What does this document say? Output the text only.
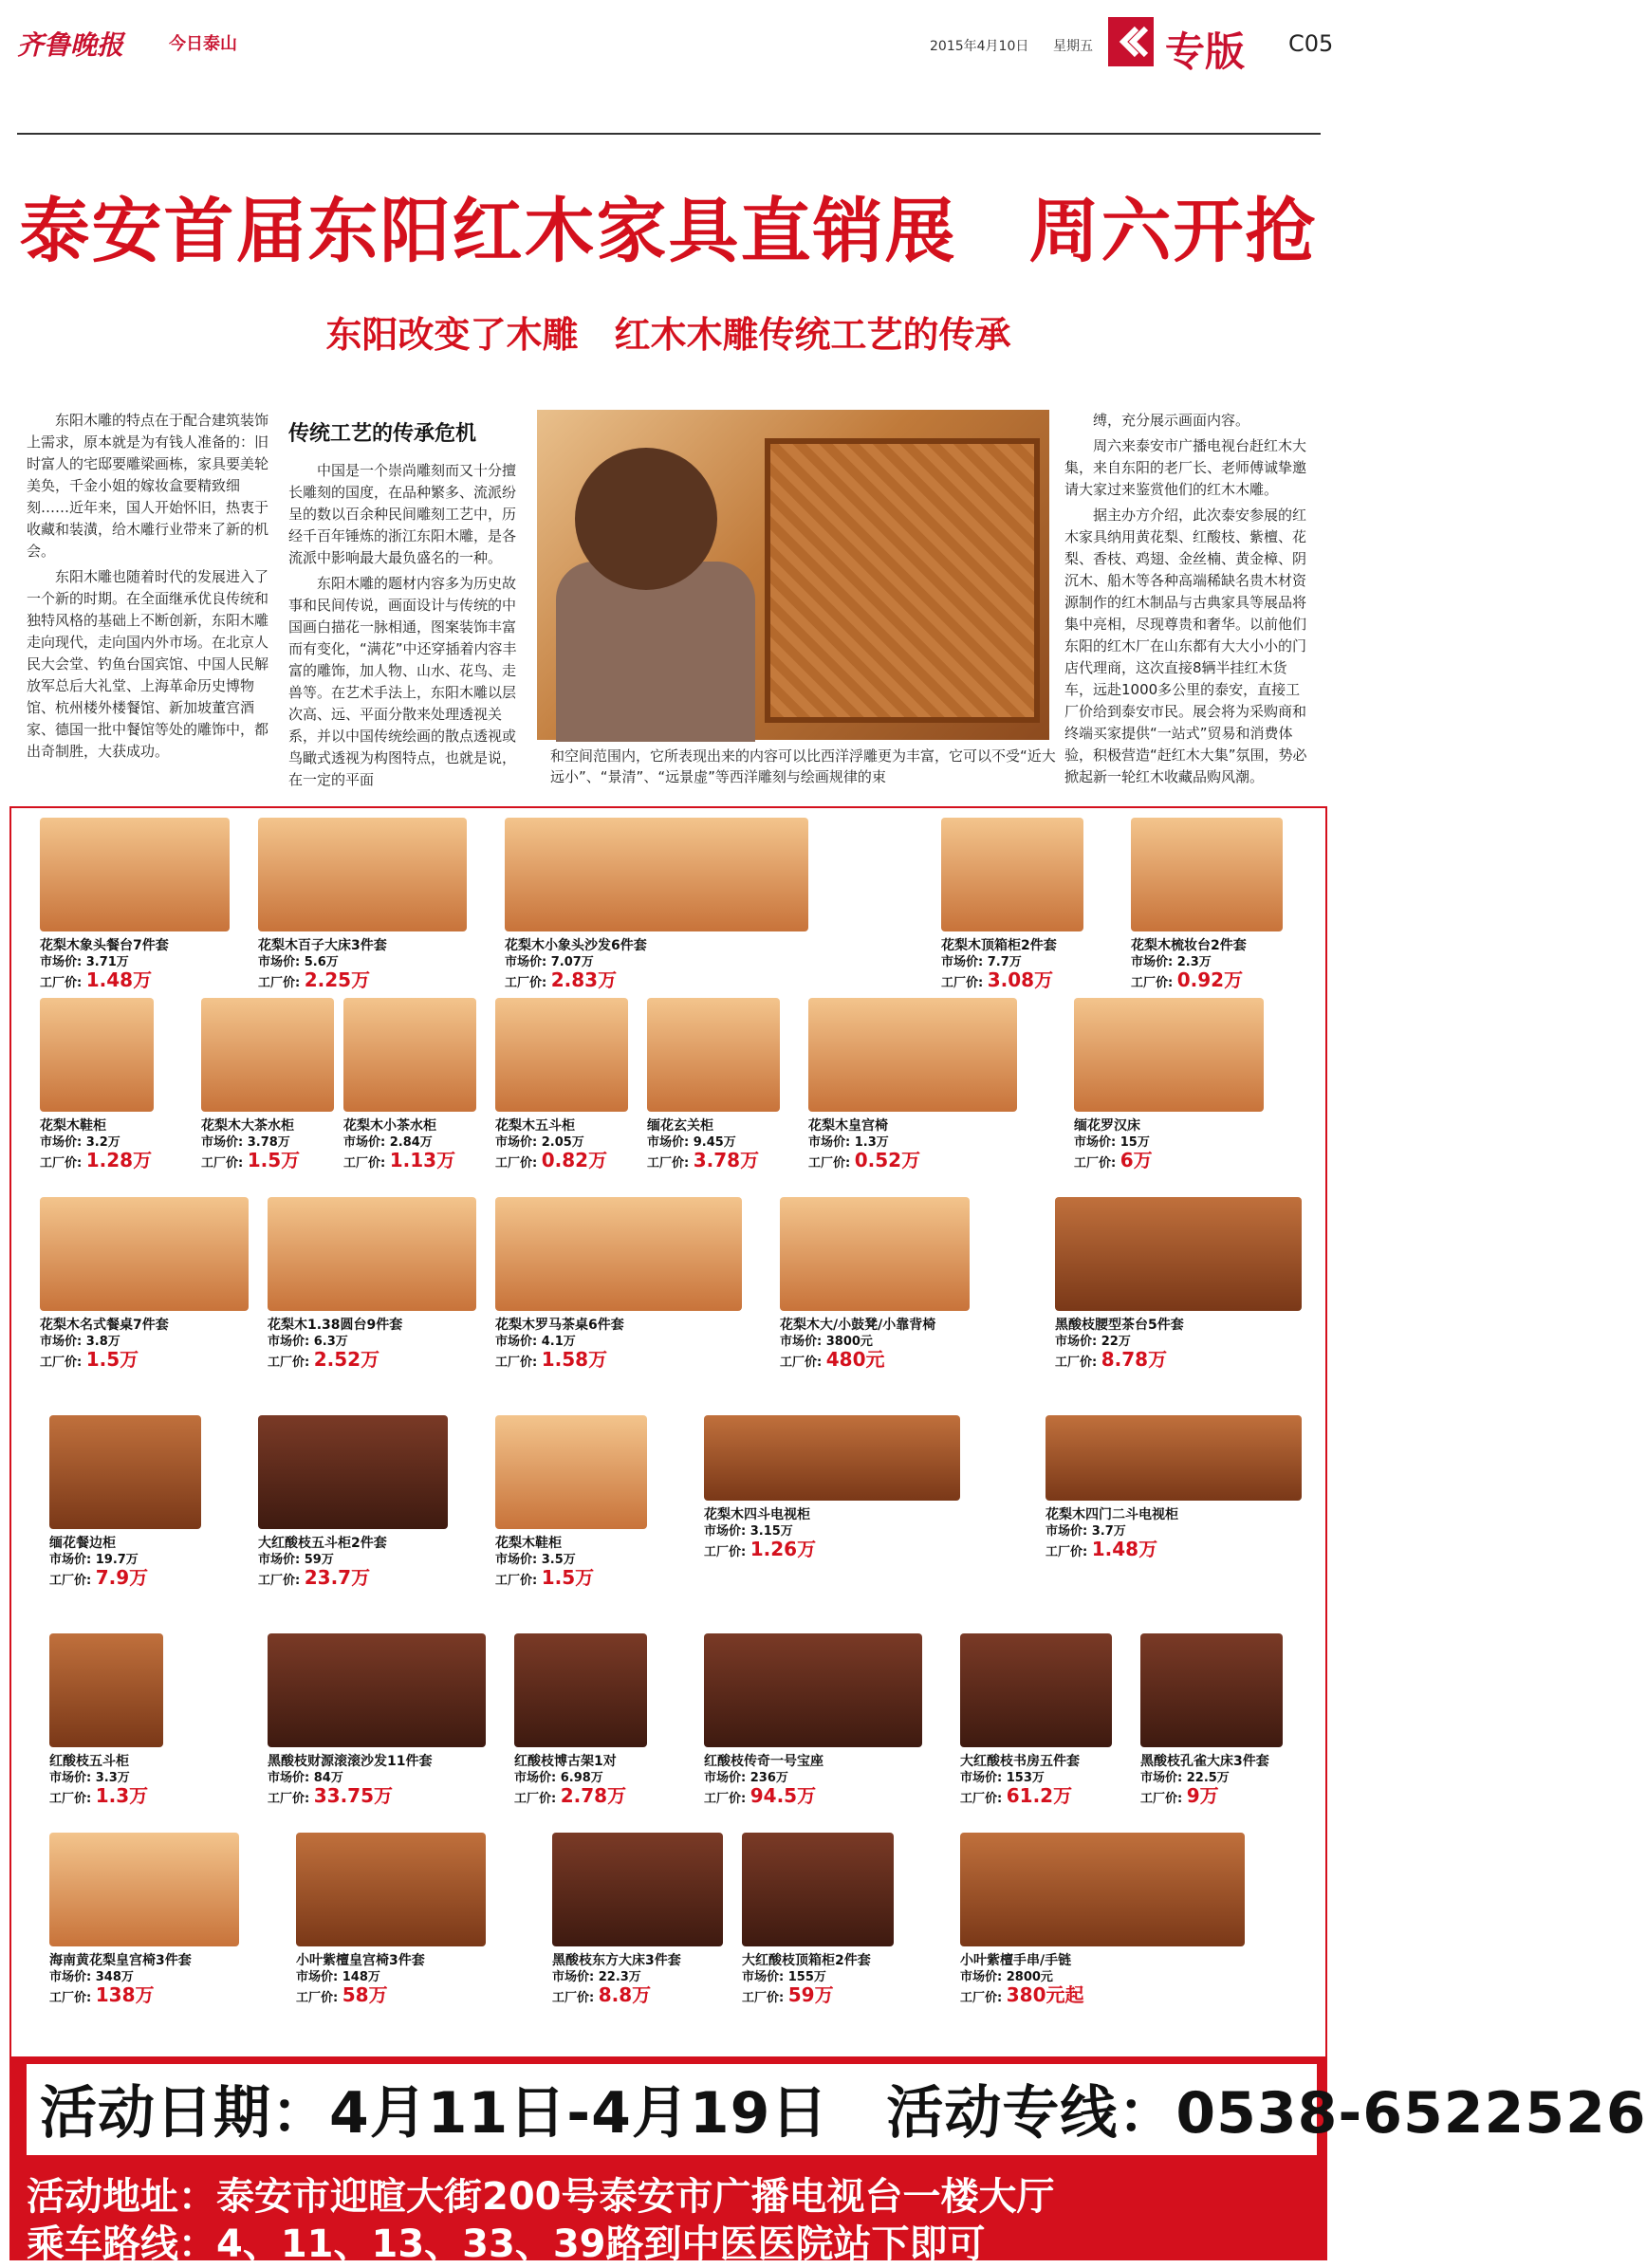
齐鲁晚报	今日泰山	2015年4月10日 星期五 专版 C05
泰安首届东阳红木家具直销展　周六开抢
东阳改变了木雕　红木木雕传统工艺的传承

东阳木雕的特点在于配合建筑装饰上需求，原本就是为有钱人准备的：旧时富人的宅邸要雕梁画栋，家具要美轮美奂，千金小姐的嫁妆盒要精致细刻……近年来，国人开始怀旧，热衷于收藏和装潢，给木雕行业带来了新的机会。

东阳木雕也随着时代的发展进入了一个新的时期。在全面继承优良传统和独特风格的基础上不断创新，东阳木雕走向现代，走向国内外市场。在北京人民大会堂、钓鱼台国宾馆、中国人民解放军总后大礼堂、上海革命历史博物馆、杭州楼外楼餐馆、新加坡董宫酒家、德国一批中餐馆等处的雕饰中，都出奇制胜，大获成功。

传统工艺的传承危机

中国是一个崇尚雕刻而又十分擅长雕刻的国度，在品种繁多、流派纷呈的数以百余种民间雕刻工艺中，历经千百年锤炼的浙江东阳木雕，是各流派中影响最大最负盛名的一种。

东阳木雕的题材内容多为历史故事和民间传说，画面设计与传统的中国画白描花一脉相通，图案装饰丰富而有变化，“满花”中还穿插着内容丰富的雕饰，加人物、山水、花鸟、走兽等。在艺术手法上，东阳木雕以层次高、远、平面分散来处理透视关系，并以中国传统绘画的散点透视或鸟瞰式透视为构图特点，也就是说，在一定的平面

和空间范围内，它所表现出来的内容可以比西洋浮雕更为丰富，它可以不受“近大远小”、“景清”、“远景虚”等西洋雕刻与绘画规律的束

缚，充分展示画面内容。

周六来泰安市广播电视台赶红木大集，来自东阳的老厂长、老师傅诚挚邀请大家过来鉴赏他们的红木木雕。

据主办方介绍，此次泰安参展的红木家具纳用黄花梨、红酸枝、紫檀、花梨、香枝、鸡翅、金丝楠、黄金樟、阴沉木、船木等各种高端稀缺名贵木材资源制作的红木制品与古典家具等展品将集中亮相，尽现尊贵和奢华。以前他们东阳的红木厂在山东都有大大小小的门店代理商，这次直接8辆半挂红木货车，远赴1000多公里的泰安，直接工厂价给到泰安市民。展会将为采购商和终端买家提供“一站式”贸易和消费体验，积极营造“赶红木大集”氛围，势必掀起新一轮红木收藏品购风潮。

花梨木象头餐台7件套
市场价: 3.71万
工厂价: 1.48万
花梨木百子大床3件套
市场价: 5.6万
工厂价: 2.25万
花梨木小象头沙发6件套
市场价: 7.07万
工厂价: 2.83万
花梨木顶箱柜2件套
市场价: 7.7万
工厂价: 3.08万
花梨木梳妆台2件套
市场价: 2.3万
工厂价: 0.92万
花梨木鞋柜
市场价: 3.2万
工厂价: 1.28万
花梨木大茶水柜
市场价: 3.78万
工厂价: 1.5万
花梨木小茶水柜
市场价: 2.84万
工厂价: 1.13万
花梨木五斗柜
市场价: 2.05万
工厂价: 0.82万
缅花玄关柜
市场价: 9.45万
工厂价: 3.78万
花梨木皇宫椅
市场价: 1.3万
工厂价: 0.52万
缅花罗汉床
市场价: 15万
工厂价: 6万
花梨木名式餐桌7件套
市场价: 3.8万
工厂价: 1.5万
花梨木1.38圆台9件套
市场价: 6.3万
工厂价: 2.52万
花梨木罗马茶桌6件套
市场价: 4.1万
工厂价: 1.58万
花梨木大/小鼓凳/小靠背椅
市场价: 3800元
工厂价: 480元
黑酸枝腰型茶台5件套
市场价: 22万
工厂价: 8.78万
缅花餐边柜
市场价: 19.7万
工厂价: 7.9万
大红酸枝五斗柜2件套
市场价: 59万
工厂价: 23.7万
花梨木鞋柜
市场价: 3.5万
工厂价: 1.5万
花梨木四斗电视柜
市场价: 3.15万
工厂价: 1.26万
花梨木四门二斗电视柜
市场价: 3.7万
工厂价: 1.48万
红酸枝五斗柜
市场价: 3.3万
工厂价: 1.3万
黑酸枝财源滚滚沙发11件套
市场价: 84万
工厂价: 33.75万
红酸枝博古架1对
市场价: 6.98万
工厂价: 2.78万
红酸枝传奇一号宝座
市场价: 236万
工厂价: 94.5万
大红酸枝书房五件套
市场价: 153万
工厂价: 61.2万
黑酸枝孔雀大床3件套
市场价: 22.5万
工厂价: 9万
海南黄花梨皇宫椅3件套
市场价: 348万
工厂价: 138万
小叶紫檀皇宫椅3件套
市场价: 148万
工厂价: 58万
黑酸枝东方大床3件套
市场价: 22.3万
工厂价: 8.8万
大红酸枝顶箱柜2件套
市场价: 155万
工厂价: 59万
小叶紫檀手串/手链
市场价: 2800元
工厂价: 380元起
活动日期：4月11日-4月19日　活动专线：0538-6522526
活动地址：泰安市迎暄大街200号泰安市广播电视台一楼大厅
乘车路线：4、11、13、33、39路到中医医院站下即可
